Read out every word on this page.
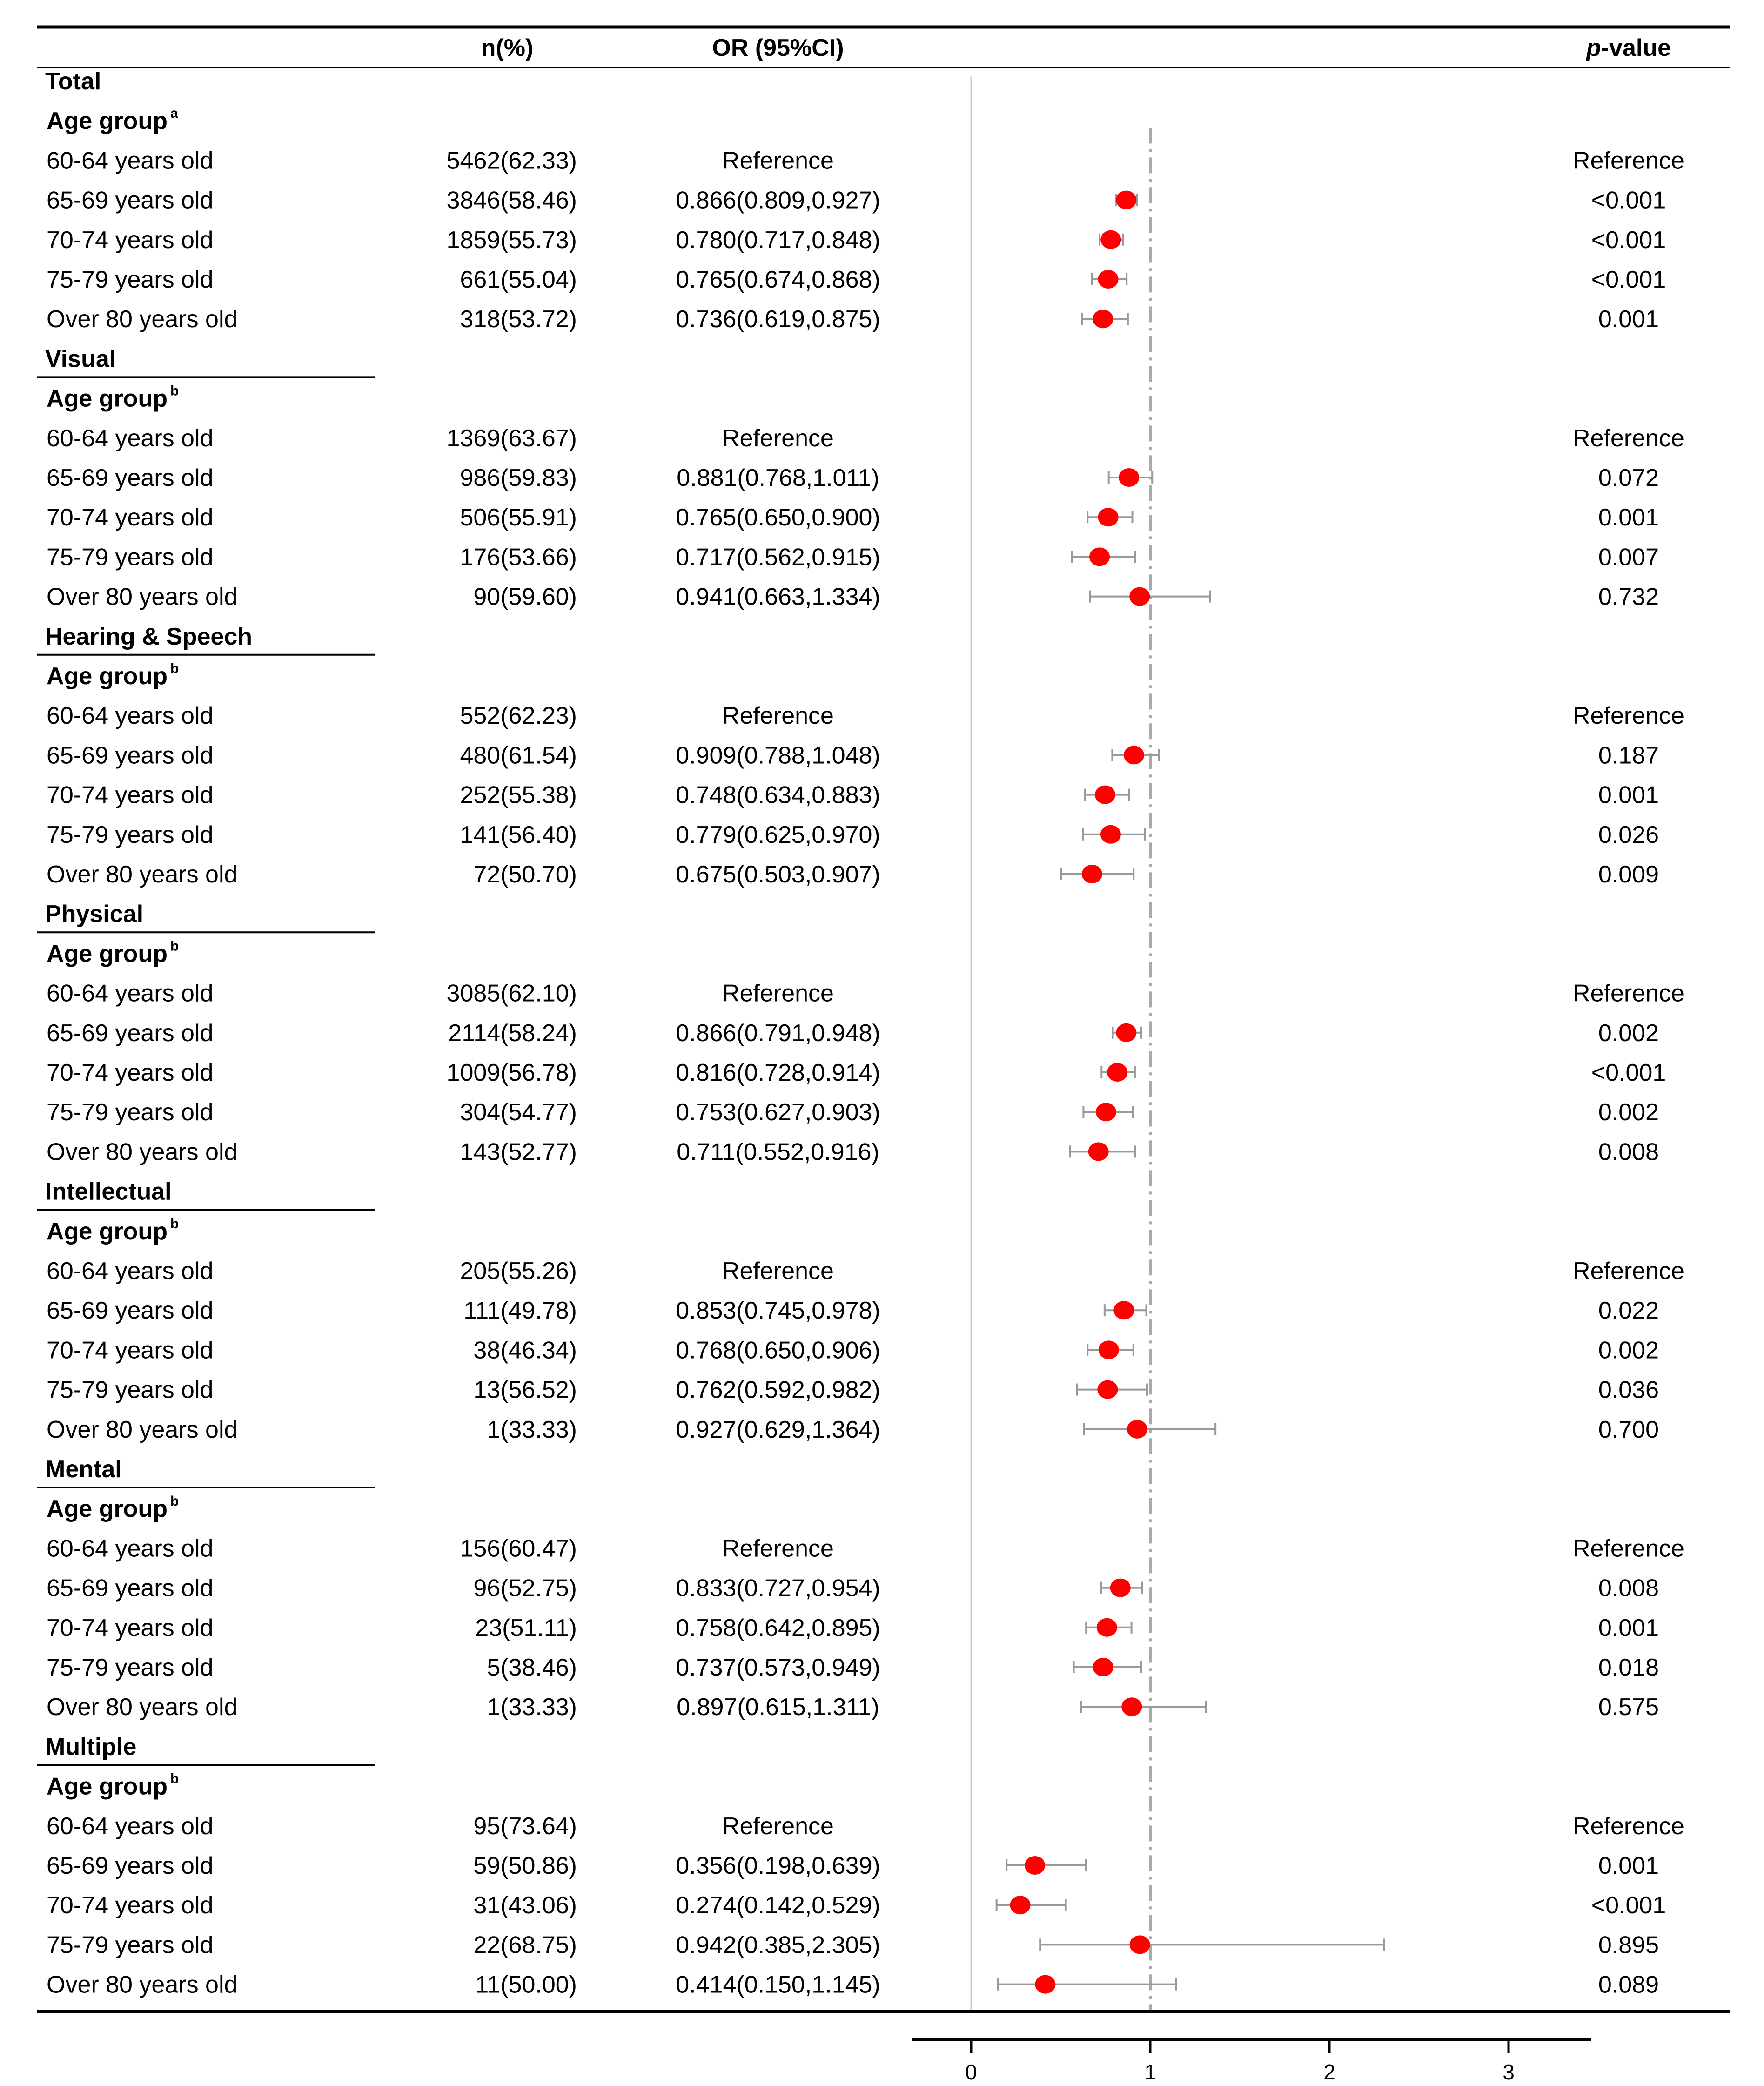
n(%)	OR (95%CI)	p-value
Total
Age group $^a$
60-64 years old	5462(62.33)	Reference	Reference
65-69 years old	3846(58.46)	0.866(0.809,0.927)	<0.001
70-74 years old	1859(55.73)	0.780(0.717,0.848)	<0.001
75-79 years old	661(55.04)	0.765(0.674,0.868)	<0.001
Over 80 years old	318(53.72)	0.736(0.619,0.875)	0.001
Visual
Age group $^b$
60-64 years old	1369(63.67)	Reference	Reference
65-69 years old	986(59.83)	0.881(0.768,1.011)	0.072
70-74 years old	506(55.91)	0.765(0.650,0.900)	0.001
75-79 years old	176(53.66)	0.717(0.562,0.915)	0.007
Over 80 years old	90(59.60)	0.941(0.663,1.334)	0.732
Hearing & Speech
Age group $^b$
60-64 years old	552(62.23)	Reference	Reference
65-69 years old	480(61.54)	0.909(0.788,1.048)	0.187
70-74 years old	252(55.38)	0.748(0.634,0.883)	0.001
75-79 years old	141(56.40)	0.779(0.625,0.970)	0.026
Over 80 years old	72(50.70)	0.675(0.503,0.907)	0.009
Physical
Age group $^b$
60-64 years old	3085(62.10)	Reference	Reference
65-69 years old	2114(58.24)	0.866(0.791,0.948)	0.002
70-74 years old	1009(56.78)	0.816(0.728,0.914)	<0.001
75-79 years old	304(54.77)	0.753(0.627,0.903)	0.002
Over 80 years old	143(52.77)	0.711(0.552,0.916)	0.008
Intellectual
Age group $^b$
60-64 years old	205(55.26)	Reference	Reference
65-69 years old	111(49.78)	0.853(0.745,0.978)	0.022
70-74 years old	38(46.34)	0.768(0.650,0.906)	0.002
75-79 years old	13(56.52)	0.762(0.592,0.982)	0.036
Over 80 years old	1(33.33)	0.927(0.629,1.364)	0.700
Mental
Age group $^b$
60-64 years old	156(60.47)	Reference	Reference
65-69 years old	96(52.75)	0.833(0.727,0.954)	0.008
70-74 years old	23(51.11)	0.758(0.642,0.895)	0.001
75-79 years old	5(38.46)	0.737(0.573,0.949)	0.018
Over 80 years old	1(33.33)	0.897(0.615,1.311)	0.575
Multiple
Age group $^b$
60-64 years old	95(73.64)	Reference	Reference
65-69 years old	59(50.86)	0.356(0.198,0.639)	0.001
70-74 years old	31(43.06)	0.274(0.142,0.529)	<0.001
75-79 years old	22(68.75)	0.942(0.385,2.305)	0.895
Over 80 years old	11(50.00)	0.414(0.150,1.145)	0.089
0	1	2	3
